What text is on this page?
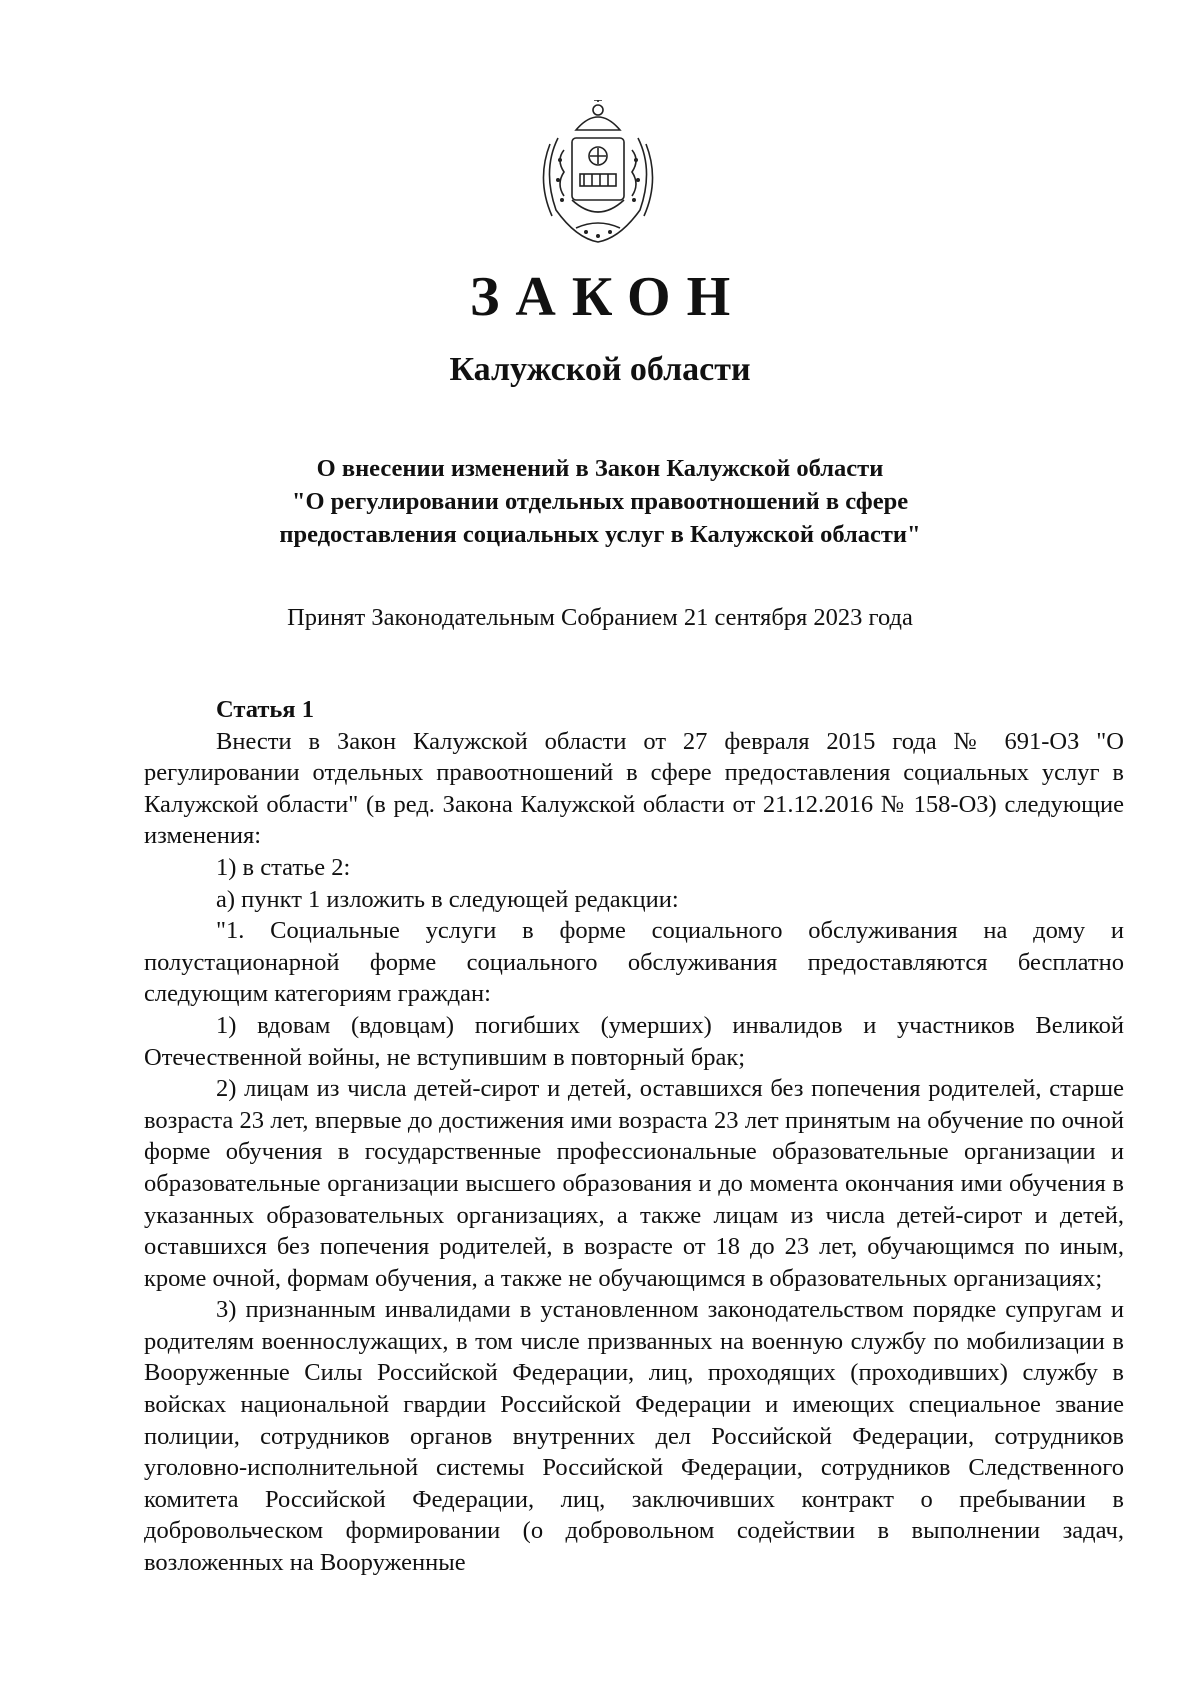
ЗАКОН
Калужской области
О внесении изменений в Закон Калужской области
"О регулировании отдельных правоотношений в сфере
предоставления социальных услуг в Калужской области"
Принят Законодательным Собранием 21 сентября 2023 года
Статья 1

Внести в Закон Калужской области от 27 февраля 2015 года № 691-ОЗ "О регулировании отдельных правоотношений в сфере предоставления социальных услуг в Калужской области" (в ред. Закона Калужской области от 21.12.2016 № 158-ОЗ) следующие изменения:

1) в статье 2:

а) пункт 1 изложить в следующей редакции:

"1. Социальные услуги в форме социального обслуживания на дому и полустационарной форме социального обслуживания предоставляются бесплатно следующим категориям граждан:

1) вдовам (вдовцам) погибших (умерших) инвалидов и участников Великой Отечественной войны, не вступившим в повторный брак;

2) лицам из числа детей-сирот и детей, оставшихся без попечения родителей, старше возраста 23 лет, впервые до достижения ими возраста 23 лет принятым на обучение по очной форме обучения в государственные профессиональные образовательные организации и образовательные организации высшего образования и до момента окончания ими обучения в указанных образовательных организациях, а также лицам из числа детей-сирот и детей, оставшихся без попечения родителей, в возрасте от 18 до 23 лет, обучающимся по иным, кроме очной, формам обучения, а также не обучающимся в образовательных организациях;

3) признанным инвалидами в установленном законодательством порядке супругам и родителям военнослужащих, в том числе призванных на военную службу по мобилизации в Вооруженные Силы Российской Федерации, лиц, проходящих (проходивших) службу в войсках национальной гвардии Российской Федерации и имеющих специальное звание полиции, сотрудников органов внутренних дел Российской Федерации, сотрудников уголовно-исполнительной системы Российской Федерации, сотрудников Следственного комитета Российской Федерации, лиц, заключивших контракт о пребывании в добровольческом формировании (о добровольном содействии в выполнении задач, возложенных на Вооруженные
